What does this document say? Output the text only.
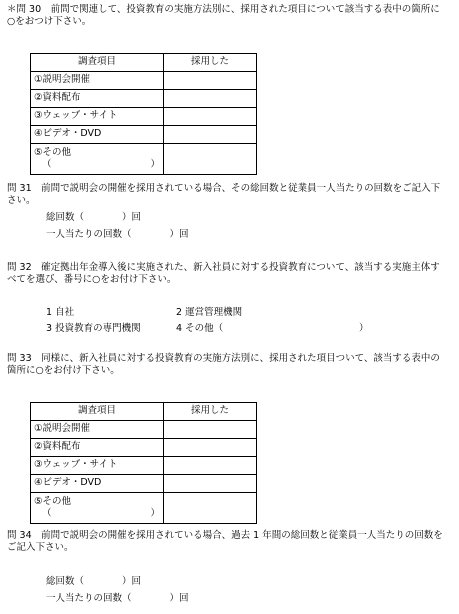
＊問 30　前問で関連して、投資教育の実施方法別に、採用された項目について該当する表中の箇所に○をおつけ下さい。
調査項目	採用した
①説明会開催	
②資料配布	
③ウェッブ・サイト	
④ビデオ・DVD	

⑤その他
（ ）	

問 31　前問で説明会の開催を採用されている場合、その総回数と従業員一人当たりの回数をご記入下さい。
総回数（　　　　）回
一人当たりの回数（　　　　）回
問 32　確定拠出年金導入後に実施された、新入社員に対する投資教育について、該当する実施主体すべてを選び、番号に○をお付け下さい。
1 自社	2 運営管理機関
3 投資教育の専門機関	4 その他（	）
問 33　同様に、新入社員に対する投資教育の実施方法別に、採用された項目ついて、該当する表中の箇所に○をお付け下さい。
調査項目	採用した
①説明会開催	
②資料配布	
③ウェッブ・サイト	
④ビデオ・DVD	

⑤その他
（ ）	

問 34　前問で説明会の開催を採用されている場合、過去 1 年間の総回数と従業員一人当たりの回数をご記入下さい。
総回数（　　　　）回
一人当たりの回数（　　　　）回
